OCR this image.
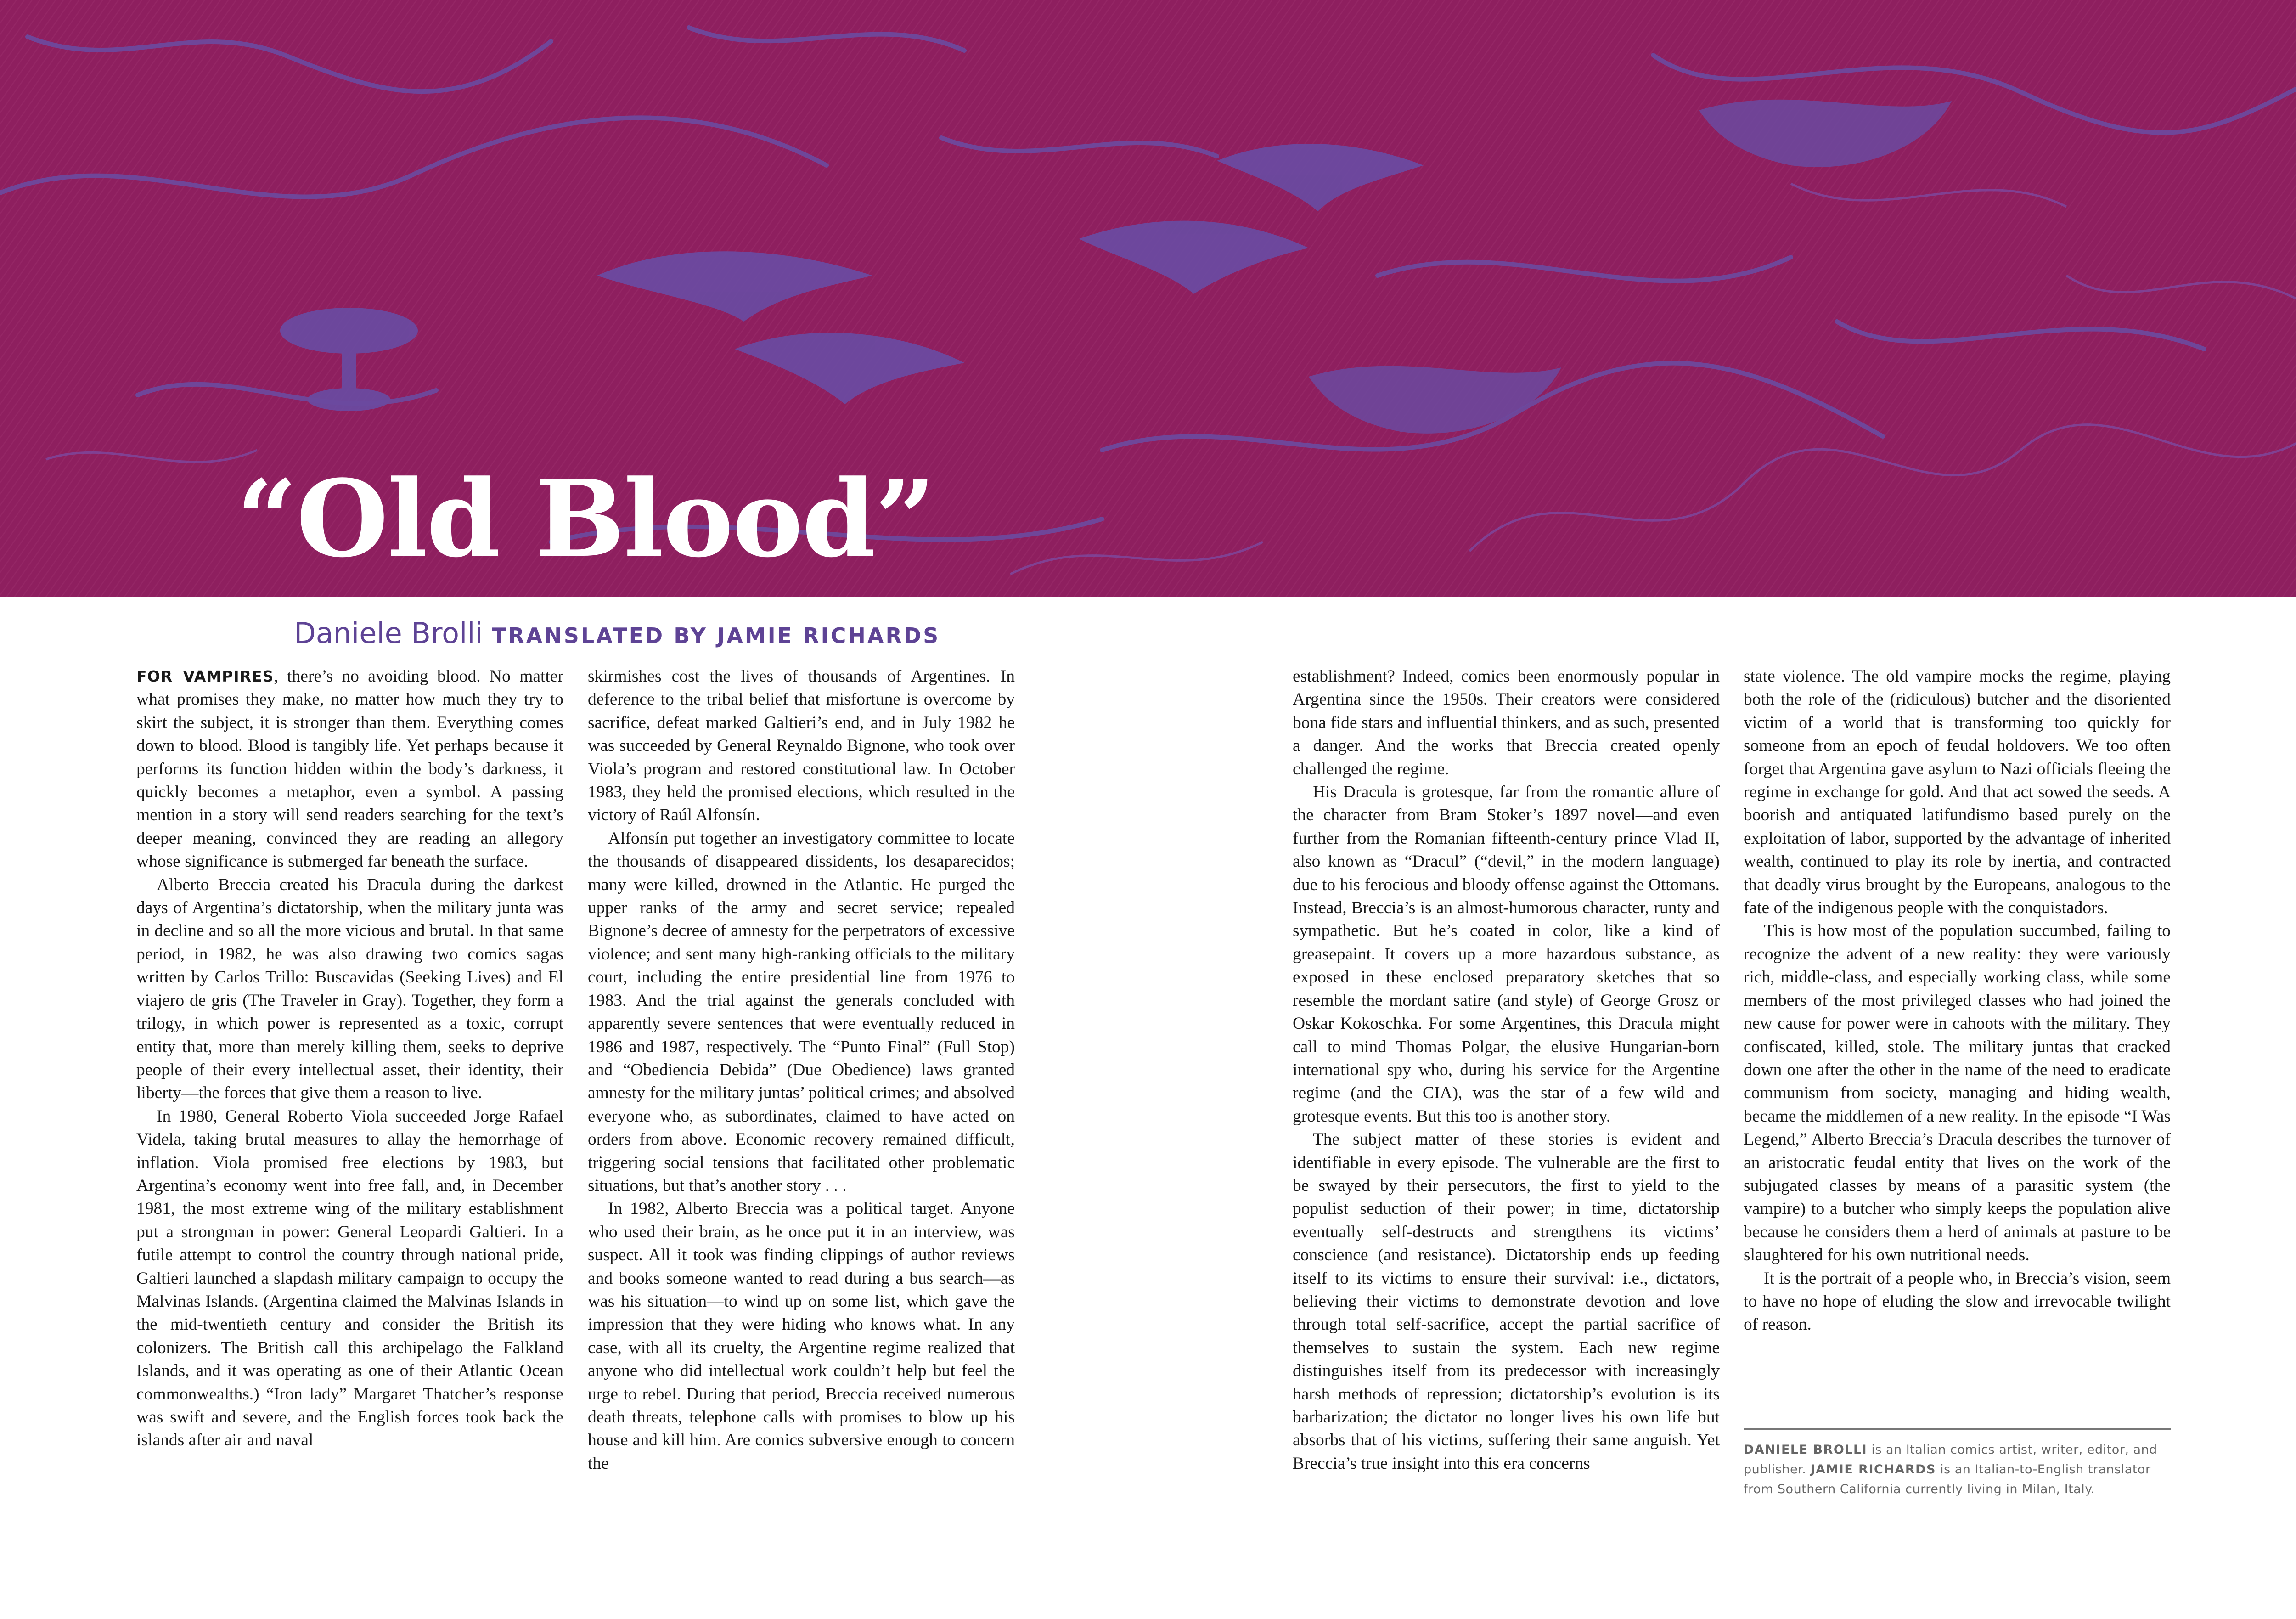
“Old Blood”
Daniele Brolli TRANSLATED BY JAMIE RICHARDS

FOR VAMPIRES, there’s no avoiding blood. No matter what promises they make, no matter how much they try to skirt the subject, it is stronger than them. Everything comes down to blood. Blood is tangibly life. Yet perhaps because it performs its function hidden within the body’s darkness, it quickly becomes a metaphor, even a symbol. A passing mention in a story will send readers searching for the text’s deeper meaning, convinced they are reading an allegory whose significance is submerged far beneath the surface.

Alberto Breccia created his Dracula during the darkest days of Argentina’s dictatorship, when the military junta was in decline and so all the more vicious and brutal. In that same period, in 1982, he was also drawing two comics sagas written by Carlos Trillo: Buscavidas (Seeking Lives) and El viajero de gris (The Traveler in Gray). Together, they form a trilogy, in which power is represented as a toxic, corrupt entity that, more than merely killing them, seeks to deprive people of their every intellectual asset, their identity, their liberty—the forces that give them a reason to live.

In 1980, General Roberto Viola succeeded Jorge Rafael Videla, taking brutal measures to allay the hemorrhage of inflation. Viola promised free elections by 1983, but Argentina’s economy went into free fall, and, in December 1981, the most extreme wing of the military establishment put a strongman in power: General Leopardi Galtieri. In a futile attempt to control the country through national pride, Galtieri launched a slapdash military campaign to occupy the Malvinas Islands. (Argentina claimed the Malvinas Islands in the mid-twentieth century and consider the British its colonizers. The British call this archipelago the Falkland Islands, and it was operating as one of their Atlantic Ocean commonwealths.) “Iron lady” Margaret Thatcher’s response was swift and severe, and the English forces took back the islands after air and naval

skirmishes cost the lives of thousands of Argentines. In deference to the tribal belief that misfortune is overcome by sacrifice, defeat marked Galtieri’s end, and in July 1982 he was succeeded by General Reynaldo Bignone, who took over Viola’s program and restored constitutional law. In October 1983, they held the promised elections, which resulted in the victory of Raúl Alfonsín.

Alfonsín put together an investigatory committee to locate the thousands of disappeared dissidents, los desaparecidos; many were killed, drowned in the Atlantic. He purged the upper ranks of the army and secret service; repealed Bignone’s decree of amnesty for the perpetrators of excessive violence; and sent many high-ranking officials to the military court, including the entire presidential line from 1976 to 1983. And the trial against the generals concluded with apparently severe sentences that were eventually reduced in 1986 and 1987, respectively. The “Punto Final” (Full Stop) and “Obediencia Debida” (Due Obedience) laws granted amnesty for the military juntas’ political crimes; and absolved everyone who, as subordinates, claimed to have acted on orders from above. Economic recovery remained difficult, triggering social tensions that facilitated other problematic situations, but that’s another story . . .

In 1982, Alberto Breccia was a political target. Anyone who used their brain, as he once put it in an interview, was suspect. All it took was finding clippings of author reviews and books someone wanted to read during a bus search—as was his situation—to wind up on some list, which gave the impression that they were hiding who knows what. In any case, with all its cruelty, the Argentine regime realized that anyone who did intellectual work couldn’t help but feel the urge to rebel. During that period, Breccia received numerous death threats, telephone calls with promises to blow up his house and kill him. Are comics subversive enough to concern the

establishment? Indeed, comics been enormously popular in Argentina since the 1950s. Their creators were considered bona fide stars and influential thinkers, and as such, presented a danger. And the works that Breccia created openly challenged the regime.

His Dracula is grotesque, far from the romantic allure of the character from Bram Stoker’s 1897 novel—and even further from the Romanian fifteenth-century prince Vlad II, also known as “Dracul” (“devil,” in the modern language) due to his ferocious and bloody offense against the Ottomans. Instead, Breccia’s is an almost-humorous character, runty and sympathetic. But he’s coated in color, like a kind of greasepaint. It covers up a more hazardous substance, as exposed in these enclosed preparatory sketches that so resemble the mordant satire (and style) of George Grosz or Oskar Kokoschka. For some Argentines, this Dracula might call to mind Thomas Polgar, the elusive Hungarian-born international spy who, during his service for the Argentine regime (and the CIA), was the star of a few wild and grotesque events. But this too is another story.

The subject matter of these stories is evident and identifiable in every episode. The vulnerable are the first to be swayed by their persecutors, the first to yield to the populist seduction of their power; in time, dictatorship eventually self-destructs and strengthens its victims’ conscience (and resistance). Dictatorship ends up feeding itself to its victims to ensure their survival: i.e., dictators, believing their victims to demonstrate devotion and love through total self-sacrifice, accept the partial sacrifice of themselves to sustain the system. Each new regime distinguishes itself from its predecessor with increasingly harsh methods of repression; dictatorship’s evolution is its barbarization; the dictator no longer lives his own life but absorbs that of his victims, suffering their same anguish. Yet Breccia’s true insight into this era concerns

state violence. The old vampire mocks the regime, playing both the role of the (ridiculous) butcher and the disoriented victim of a world that is transforming too quickly for someone from an epoch of feudal holdovers. We too often forget that Argentina gave asylum to Nazi officials fleeing the regime in exchange for gold. And that act sowed the seeds. A boorish and antiquated latifundismo based purely on the exploitation of labor, supported by the advantage of inherited wealth, continued to play its role by inertia, and contracted that deadly virus brought by the Europeans, analogous to the fate of the indigenous people with the conquistadors.

This is how most of the population succumbed, failing to recognize the advent of a new reality: they were variously rich, middle-class, and especially working class, while some members of the most privileged classes who had joined the new cause for power were in cahoots with the military. They confiscated, killed, stole. The military juntas that cracked down one after the other in the name of the need to eradicate communism from society, managing and hiding wealth, became the middlemen of a new reality. In the episode “I Was Legend,” Alberto Breccia’s Dracula describes the turnover of an aristocratic feudal entity that lives on the work of the subjugated classes by means of a parasitic system (the vampire) to a butcher who simply keeps the population alive because he considers them a herd of animals at pasture to be slaughtered for his own nutritional needs.

It is the portrait of a people who, in Breccia’s vision, seem to have no hope of eluding the slow and irrevocable twilight of reason.

DANIELE BROLLI is an Italian comics artist, writer, editor, and publisher. JAMIE RICHARDS is an Italian-to-English translator from Southern California currently living in Milan, Italy.
